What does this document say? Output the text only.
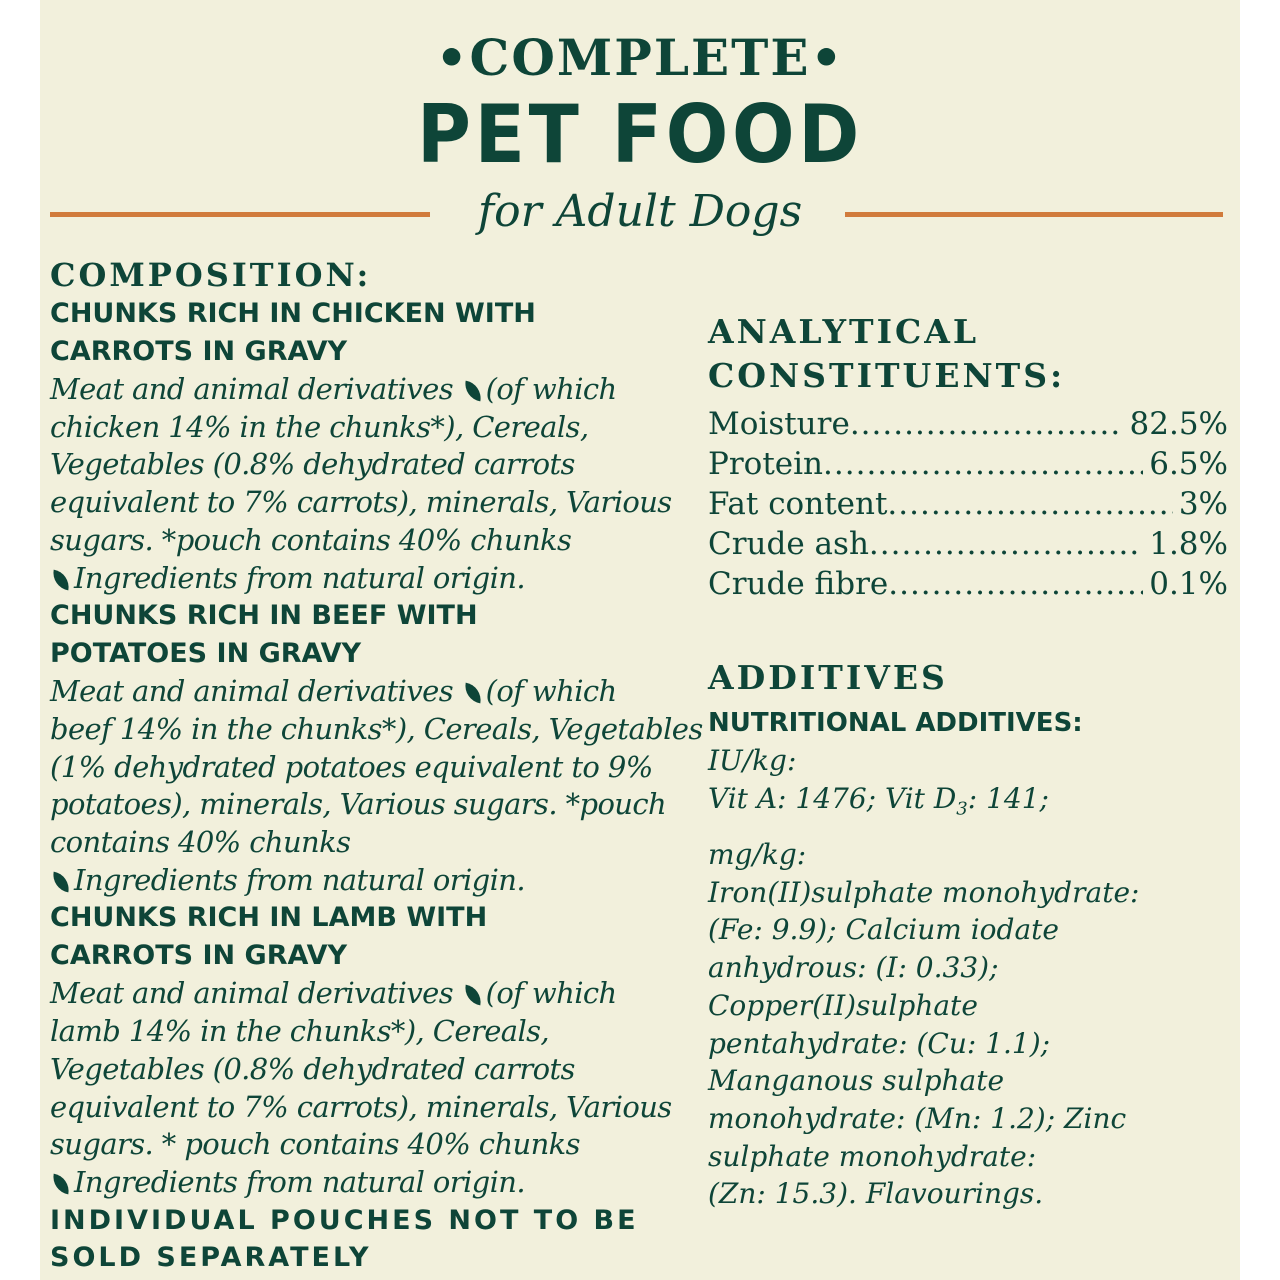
•COMPLETE•
PET FOOD
for Adult Dogs
COMPOSITION:
CHUNKS RICH IN CHICKEN WITH
CARROTS IN GRAVY
Meat and animal derivatives (of which
chicken 14% in the chunks*), Cereals,
Vegetables (0.8% dehydrated carrots
equivalent to 7% carrots), minerals, Various
sugars. *pouch contains 40% chunks
Ingredients from natural origin.
CHUNKS RICH IN BEEF WITH
POTATOES IN GRAVY
Meat and animal derivatives (of which
beef 14% in the chunks*), Cereals, Vegetables
(1% dehydrated potatoes equivalent to 9%
potatoes), minerals, Various sugars. *pouch
contains 40% chunks
Ingredients from natural origin.
CHUNKS RICH IN LAMB WITH
CARROTS IN GRAVY
Meat and animal derivatives (of which
lamb 14% in the chunks*), Cereals,
Vegetables (0.8% dehydrated carrots
equivalent to 7% carrots), minerals, Various
sugars. * pouch contains 40% chunks
Ingredients from natural origin.
INDIVIDUAL POUCHES NOT TO BE
SOLD SEPARATELY
ANALYTICAL
CONSTITUENTS:
Moisture .....	82.5%
Protein .....	6.5%
Fat content .....	3%
Crude ash .....	1.8%
Crude fibre .....	0.1%
ADDITIVES
NUTRITIONAL ADDITIVES:
IU/kg:
Vit A: 1476; Vit $D_3$: 141;
mg/kg:
Iron(II)sulphate monohydrate:
(Fe: 9.9); Calcium iodate
anhydrous: (I: 0.33);
Copper(II)sulphate
pentahydrate: (Cu: 1.1);
Manganous sulphate
monohydrate: (Mn: 1.2); Zinc
sulphate monohydrate:
(Zn: 15.3). Flavourings.
